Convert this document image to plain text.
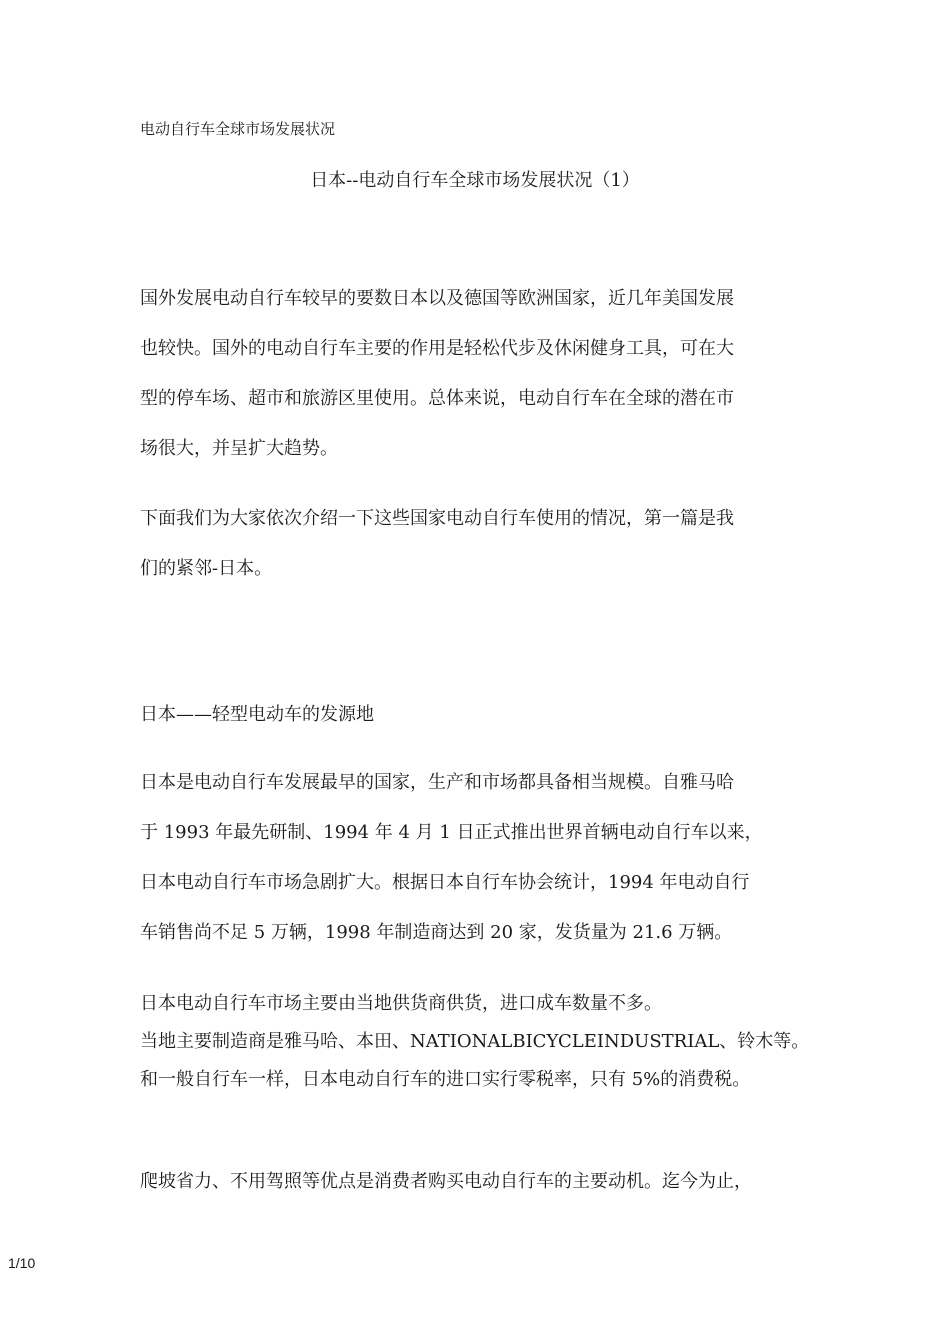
电动自行车全球市场发展状况
日本--电动自行车全球市场发展状况（1）
国外发展电动自行车较早的要数日本以及德国等欧洲国家，近几年美国发展
也较快。国外的电动自行车主要的作用是轻松代步及休闲健身工具，可在大
型的停车场、超市和旅游区里使用。总体来说，电动自行车在全球的潜在市
场很大，并呈扩大趋势。
下面我们为大家依次介绍一下这些国家电动自行车使用的情况，第一篇是我
们的紧邻-日本。
日本——轻型电动车的发源地
日本是电动自行车发展最早的国家，生产和市场都具备相当规模。自雅马哈
于 1993 年最先研制、1994 年 4 月 1 日正式推出世界首辆电动自行车以来，
日本电动自行车市场急剧扩大。根据日本自行车协会统计，1994 年电动自行
车销售尚不足 5 万辆，1998 年制造商达到 20 家，发货量为 21.6 万辆。
日本电动自行车市场主要由当地供货商供货，进口成车数量不多。
当地主要制造商是雅马哈、本田、NATIONALBICYCLEINDUSTRIAL、铃木等。
和一般自行车一样，日本电动自行车的进口实行零税率，只有 5%的消费税。
爬坡省力、不用驾照等优点是消费者购买电动自行车的主要动机。迄今为止，
1/10
